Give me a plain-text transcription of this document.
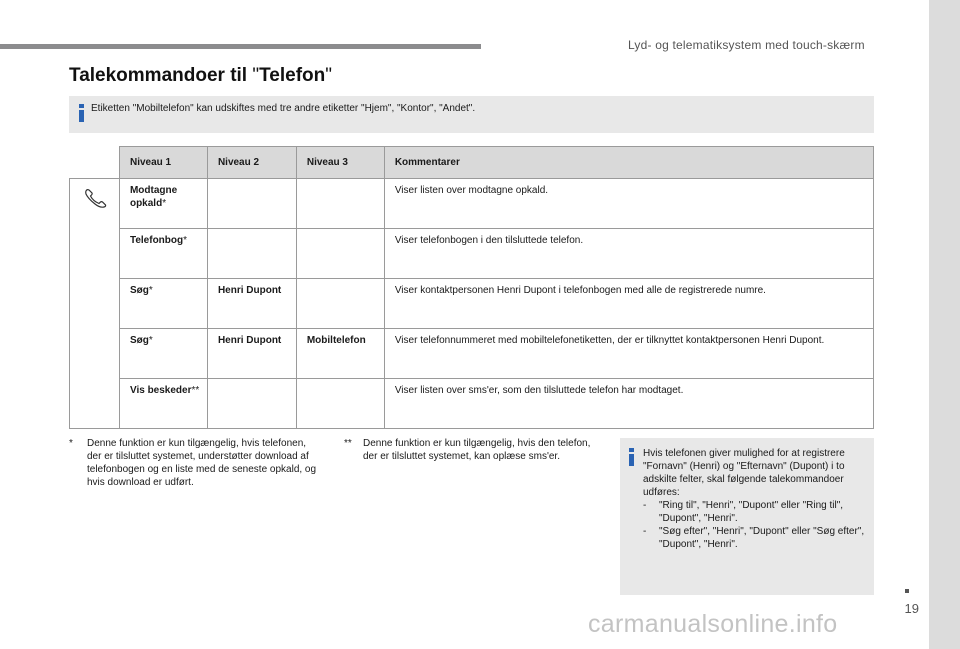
Lyd- og telematiksystem med touch-skærm
19
Talekommandoer til "Telefon"
Etiketten "Mobiltelefon" kan udskiftes med tre andre etiketter "Hjem", "Kontor", "Andet".
	Niveau 1	Niveau 2	Niveau 3	Kommentarer

	Modtagne opkald*			Viser listen over modtagne opkald.
	Telefonbog*			Viser telefonbogen i den tilsluttede telefon.
	Søg*	Henri Dupont		Viser kontaktpersonen Henri Dupont i telefonbogen med alle de registrerede numre.
	Søg*	Henri Dupont	Mobiltelefon	Viser telefonnummeret med mobiltelefonetiketten, der er tilknyttet kontaktpersonen Henri Dupont.
	Vis beskeder**			Viser listen over sms'er, som den tilsluttede telefon har modtaget.
* Denne funktion er kun tilgængelig, hvis telefonen, der er tilsluttet systemet, understøtter download af telefonbogen og en liste med de seneste opkald, og hvis download er udført.
** Denne funktion er kun tilgængelig, hvis den telefon, der er tilsluttet systemet, kan oplæse sms'er.	Hvis telefonen giver mulighed for at registrere "Fornavn" (Henri) og "Efternavn" (Dupont) i to adskilte felter, skal følgende talekommandoer udføres:
- "Ring til", "Henri", "Dupont" eller "Ring til", "Dupont", "Henri".
- "Søg efter", "Henri", "Dupont" eller "Søg efter", "Dupont", "Henri".
carmanualsonline.info
